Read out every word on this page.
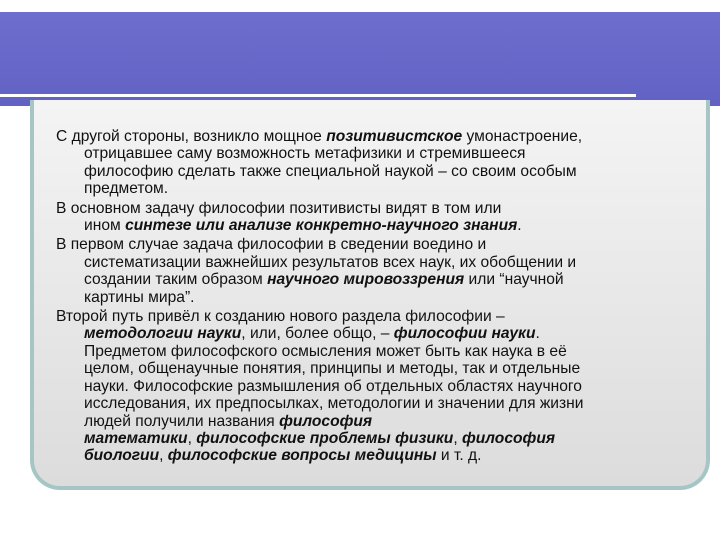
С другой стороны, возникло мощное позитивистское умонастроение,
отрицавшее саму возможность метафизики и стремившееся
философию сделать также специальной наукой – со своим особым
предметом.
В основном задачу философии позитивисты видят в том или
ином синтезе или анализе конкретно-научного знания.
В первом случае задача философии в сведении воедино и
систематизации важнейших результатов всех наук, их обобщении и
создании таким образом научного мировоззрения или “научной
картины мира”.
Второй путь привёл к созданию нового раздела философии –
методологии науки, или, более общо, – философии науки.
Предметом философского осмысления может быть как наука в её
целом, общенаучные понятия, принципы и методы, так и отдельные
науки. Философские размышления об отдельных областях научного
исследования, их предпосылках, методологии и значении для жизни
людей получили названия философия
математики, философские проблемы физики, философия
биологии, философские вопросы медицины и т. д.
